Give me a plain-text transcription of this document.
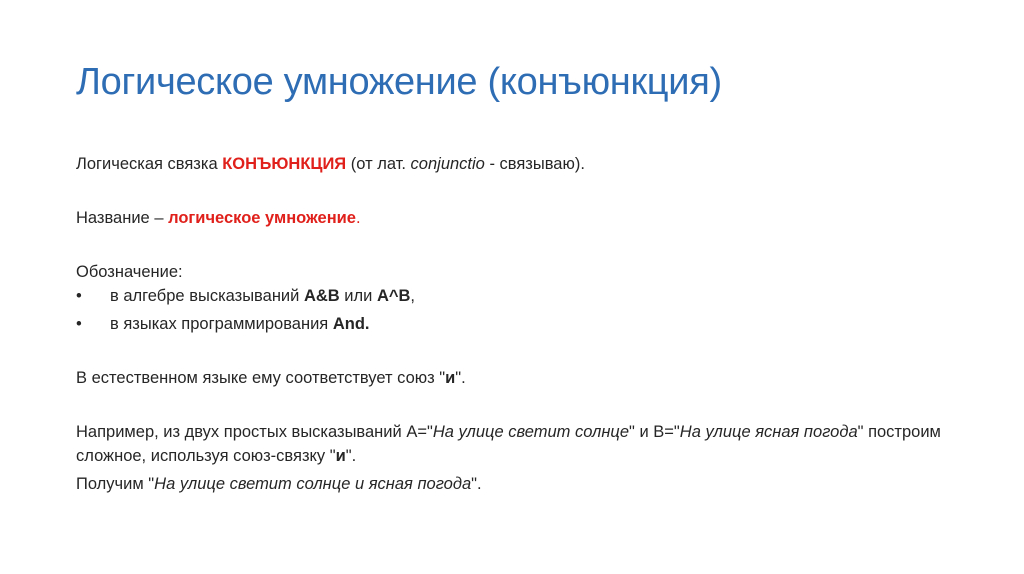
Логическое умножение (конъюнкция)

Логическая связка КОНЪЮНКЦИЯ (от лат. conjunctio - связываю).

Название – логическое умножение.

Обозначение:

• в алгебре высказываний A&B или A^B,
• в языках программирования And.

В естественном языке ему соответствует союз "и".

Например, из двух простых высказываний А="На улице светит солнце" и В="На улице ясная погода" построим сложное, используя союз-связку "и".

Получим "На улице светит солнце и ясная погода".
